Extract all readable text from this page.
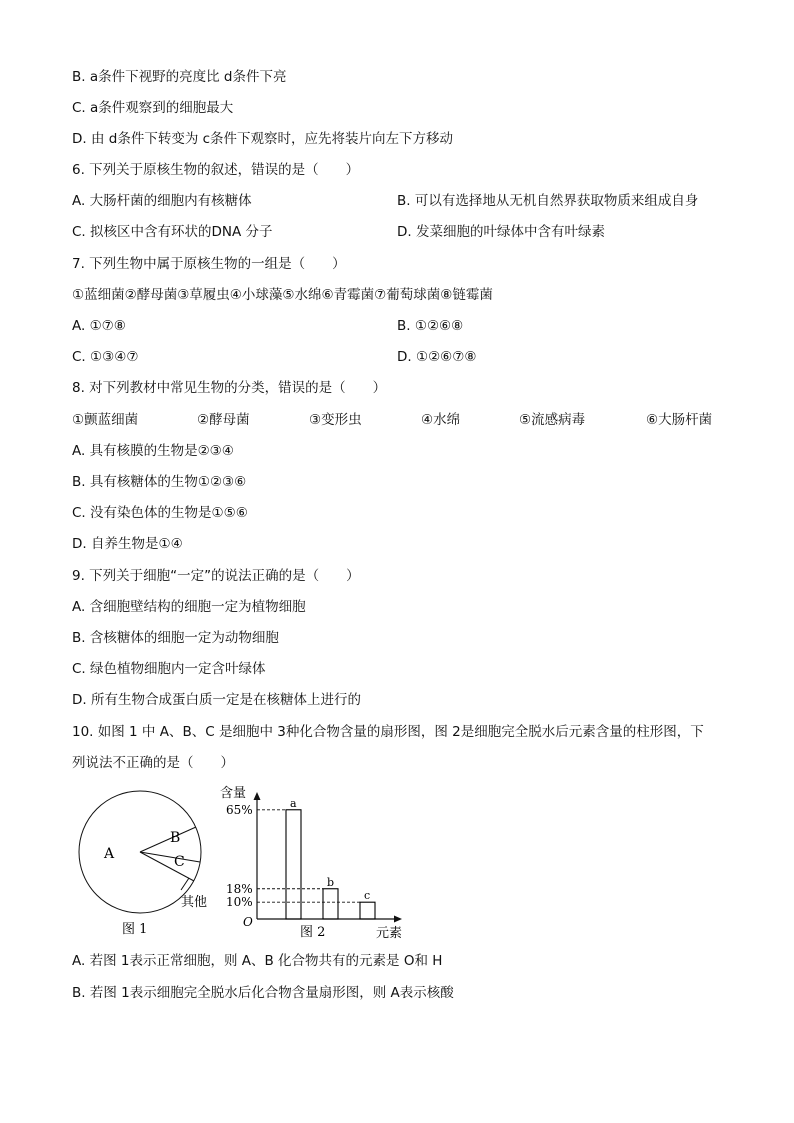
B. a条件下视野的亮度比 d条件下亮
C. a条件观察到的细胞最大
D. 由 d条件下转变为 c条件下观察时，应先将装片向左下方移动
6. 下列关于原核生物的叙述，错误的是（　　）
A. 大肠杆菌的细胞内有核糖体	B. 可以有选择地从无机自然界获取物质来组成自身
C. 拟核区中含有环状的DNA 分子	D. 发菜细胞的叶绿体中含有叶绿素
7. 下列生物中属于原核生物的一组是（　　）
①蓝细菌②酵母菌③草履虫④小球藻⑤水绵⑥青霉菌⑦葡萄球菌⑧链霉菌
A. ①⑦⑧	B. ①②⑥⑧
C. ①③④⑦	D. ①②⑥⑦⑧
8. 对下列教材中常见生物的分类，错误的是（　　）
①颤蓝细菌	②酵母菌	③变形虫	④水绵	⑤流感病毒	⑥大肠杆菌
A. 具有核膜的生物是②③④
B. 具有核糖体的生物①②③⑥
C. 没有染色体的生物是①⑤⑥
D. 自养生物是①④
9. 下列关于细胞“一定”的说法正确的是（　　）
A. 含细胞壁结构的细胞一定为植物细胞
B. 含核糖体的细胞一定为动物细胞
C. 绿色植物细胞内一定含叶绿体
D. 所有生物合成蛋白质一定是在核糖体上进行的
10. 如图 1 中 A、B、C 是细胞中 3种化合物含量的扇形图，图 2是细胞完全脱水后元素含量的柱形图，下
列说法不正确的是（　　）
A
B
C
其他
图 1
含量
元素
O
图 2
65%	a
18%	b
10%	c
A. 若图 1表示正常细胞，则 A、B 化合物共有的元素是 O和 H
B. 若图 1表示细胞完全脱水后化合物含量扇形图，则 A表示核酸
